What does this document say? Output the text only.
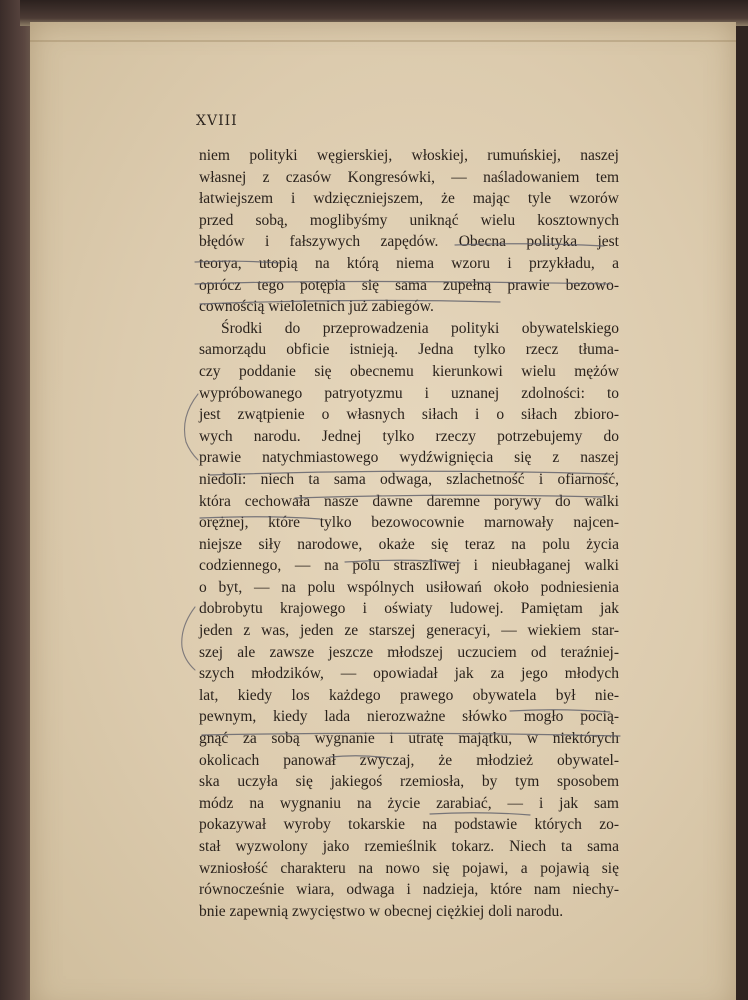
XVIII
niem polityki węgierskiej, włoskiej, rumuńskiej, naszej
własnej z czasów Kongresówki, — naśladowaniem tem
łatwiejszem i wdzięczniejszem, że mając tyle wzorów
przed sobą, moglibyśmy uniknąć wielu kosztownych
błędów i fałszywych zapędów. Obecna polityka jest
teorya, utopią na którą niema wzoru i przykładu, a
oprócz tego potępia się sama zupełną prawie bezowo-
cownością wieloletnich już zabiegów.
Środki do przeprowadzenia polityki obywatelskiego
samorządu obficie istnieją. Jedna tylko rzecz tłuma-
czy poddanie się obecnemu kierunkowi wielu mężów
wypróbowanego patryotyzmu i uznanej zdolności: to
jest zwątpienie o własnych siłach i o siłach zbioro-
wych narodu. Jednej tylko rzeczy potrzebujemy do
prawie natychmiastowego wydźwignięcia się z naszej
niedoli: niech ta sama odwaga, szlachetność i ofiarność,
która cechowała nasze dawne daremne porywy do walki
orężnej, które tylko bezowocownie marnowały najcen-
niejsze siły narodowe, okaże się teraz na polu życia
codziennego, — na polu straszliwej i nieubłaganej walki
o byt, — na polu wspólnych usiłowań około podniesienia
dobrobytu krajowego i oświaty ludowej. Pamiętam jak
jeden z was, jeden ze starszej generacyi, — wiekiem star-
szej ale zawsze jeszcze młodszej uczuciem od teraźniej-
szych młodzików, — opowiadał jak za jego młodych
lat, kiedy los każdego prawego obywatela był nie-
pewnym, kiedy lada nierozważne słówko mogło pocią-
gnąć za sobą wygnanie i utratę majątku, w niektórych
okolicach panował zwyczaj, że młodzież obywatel-
ska uczyła się jakiegoś rzemiosła, by tym sposobem
módz na wygnaniu na życie zarabiać, — i jak sam
pokazywał wyroby tokarskie na podstawie których zo-
stał wyzwolony jako rzemieślnik tokarz. Niech ta sama
wzniosłość charakteru na nowo się pojawi, a pojawią się
równocześnie wiara, odwaga i nadzieja, które nam niechy-
bnie zapewnią zwycięstwo w obecnej ciężkiej doli narodu.
